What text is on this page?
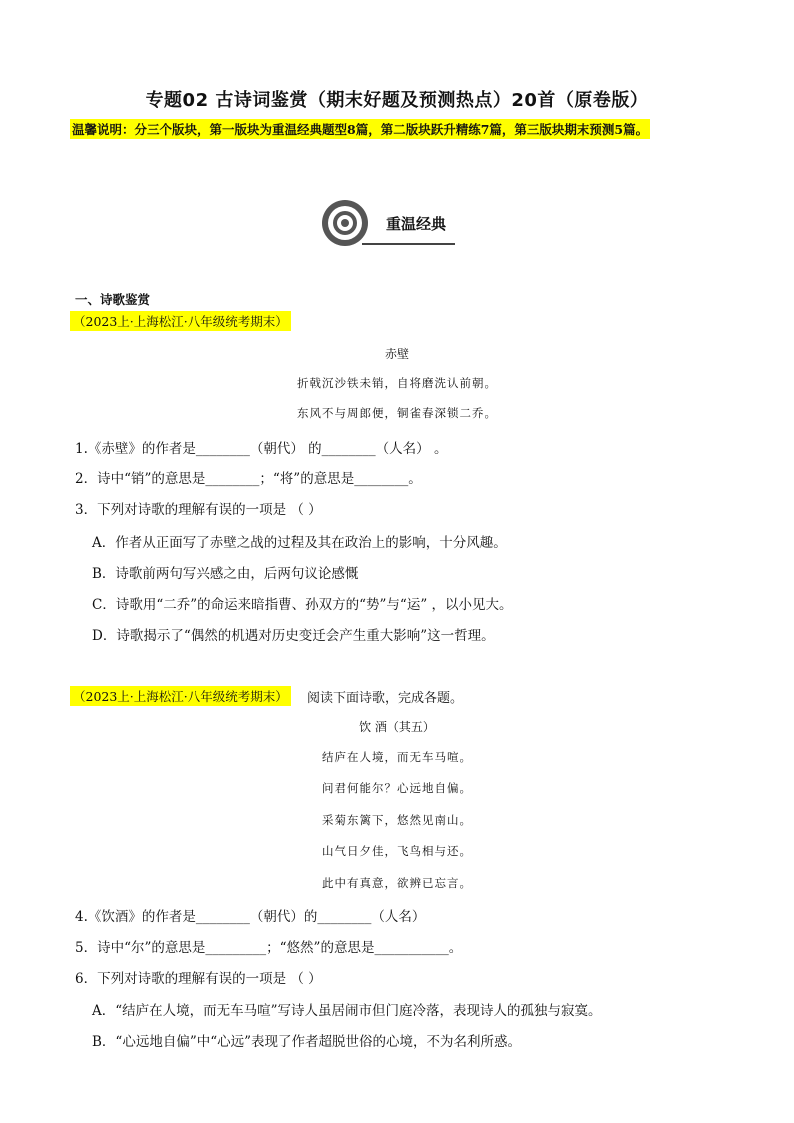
专题02 古诗词鉴赏（期末好题及预测热点）20首（原卷版）
温馨说明：分三个版块，第一版块为重温经典题型8篇，第二版块跃升精练7篇，第三版块期末预测5篇。
重温经典
一、诗歌鉴赏
（2023上·上海松江·八年级统考期末）
赤壁
折戟沉沙铁未销，自将磨洗认前朝。
东风不与周郎便，铜雀春深锁二乔。
1.《赤壁》的作者是________（朝代） 的________（人名） 。
2．诗中“销”的意思是________；“将”的意思是________。
3．下列对诗歌的理解有误的一项是 （ ）
A．作者从正面写了赤壁之战的过程及其在政治上的影响，十分风趣。
B．诗歌前两句写兴感之由，后两句议论感慨
C．诗歌用“二乔”的命运来暗指曹、孙双方的“势”与“运” ，以小见大。
D．诗歌揭示了“偶然的机遇对历史变迁会产生重大影响”这一哲理。
（2023上·上海松江·八年级统考期末） 阅读下面诗歌，完成各题。
饮 酒（其五）
结庐在人境，而无车马喧。
问君何能尔？心远地自偏。
采菊东篱下，悠然见南山。
山气日夕佳，飞鸟相与还。
此中有真意，欲辨已忘言。
4.《饮酒》的作者是________（朝代）的________（人名）
5．诗中“尔”的意思是_________；“悠然”的意思是___________。
6．下列对诗歌的理解有误的一项是 （ ）
A．“结庐在人境，而无车马喧”写诗人虽居闹市但门庭冷落，表现诗人的孤独与寂寞。
B．“心远地自偏”中“心远”表现了作者超脱世俗的心境，不为名利所惑。
